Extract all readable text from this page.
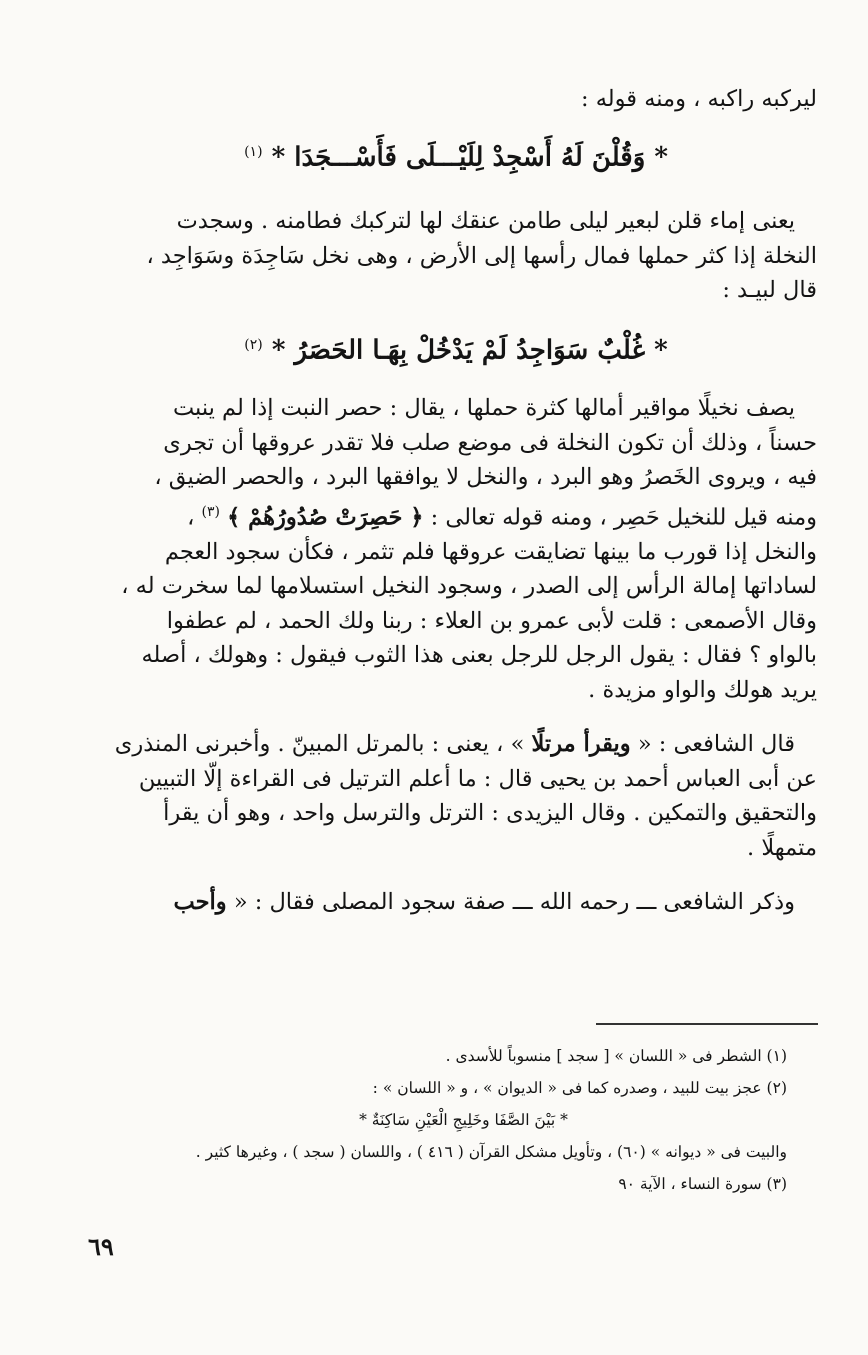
ليركبه راكبه ، ومنه قوله :
* وَقُلْنَ لَهُ أَسْجِدْ لِلَيْـــلَى فَأَسْـــجَدَا * $^{(١)}$
يعنى إماء قلن لبعير ليلى طامن عنقك لها لتركبك فطامنه . وسجدت
النخلة إذا كثر حملها فمال رأسها إلى الأرض ، وهى نخل سَاجِدَة وسَوَاجِد ،
قال لبيـد :
* غُلْبٌ سَوَاجِدُ لَمْ يَدْخُلْ بِهَـا الحَصَرُ * $^{(٢)}$
يصف نخيلًا مواقير أمالها كثرة حملها ، يقال : حصر النبت إذا لم ينبت
حسناً ، وذلك أن تكون النخلة فى موضع صلب فلا تقدر عروقها أن تجرى
فيه ، ويروى الخَصرُ وهو البرد ، والنخل لا يوافقها البرد ، والحصر الضيق ،
ومنه قيل للنخيل حَصِر ، ومنه قوله تعالى : ﴿ حَصِرَتْ صُدُورُهُمْ ﴾ $^{(٣)}$ ،
والنخل إذا قورب ما بينها تضايقت عروقها فلم تثمر ، فكأن سجود العجم
لساداتها إمالة الرأس إلى الصدر ، وسجود النخيل استسلامها لما سخرت له ،
وقال الأصمعى : قلت لأبى عمرو بن العلاء : ربنا ولك الحمد ، لم عطفوا
بالواو ؟ فقال : يقول الرجل للرجل بعنى هذا الثوب فيقول : وهولك ، أصله
يريد هولك والواو مزيدة .
قال الشافعى : « ويقرأ مرتلًا » ، يعنى : بالمرتل المبينّ . وأخبرنى المنذرى
عن أبى العباس أحمد بن يحيى قال : ما أعلم الترتيل فى القراءة إلّا التبيين
والتحقيق والتمكين . وقال اليزيدى : الترتل والترسل واحد ، وهو أن يقرأ
متمهلًا .
وذكر الشافعى ـــ رحمه الله ـــ صفة سجود المصلى فقال : « وأحب
(١) الشطر فى « اللسان » [ سجد ] منسوباً للأسدى .
(٢) عجز بيت للبيد ، وصدره كما فى « الديوان » ، و « اللسان » :
* بَيْنَ الصَّفَا وخَلِيجِ الْعَيْنِ سَاكِنَةٌ *
والبيت فى « ديوانه » (٦٠) ، وتأويل مشكل القرآن ( ٤١٦ ) ، واللسان ( سجد ) ، وغيرها كثير .
(٣) سورة النساء ، الآية ٩٠
٦٩
